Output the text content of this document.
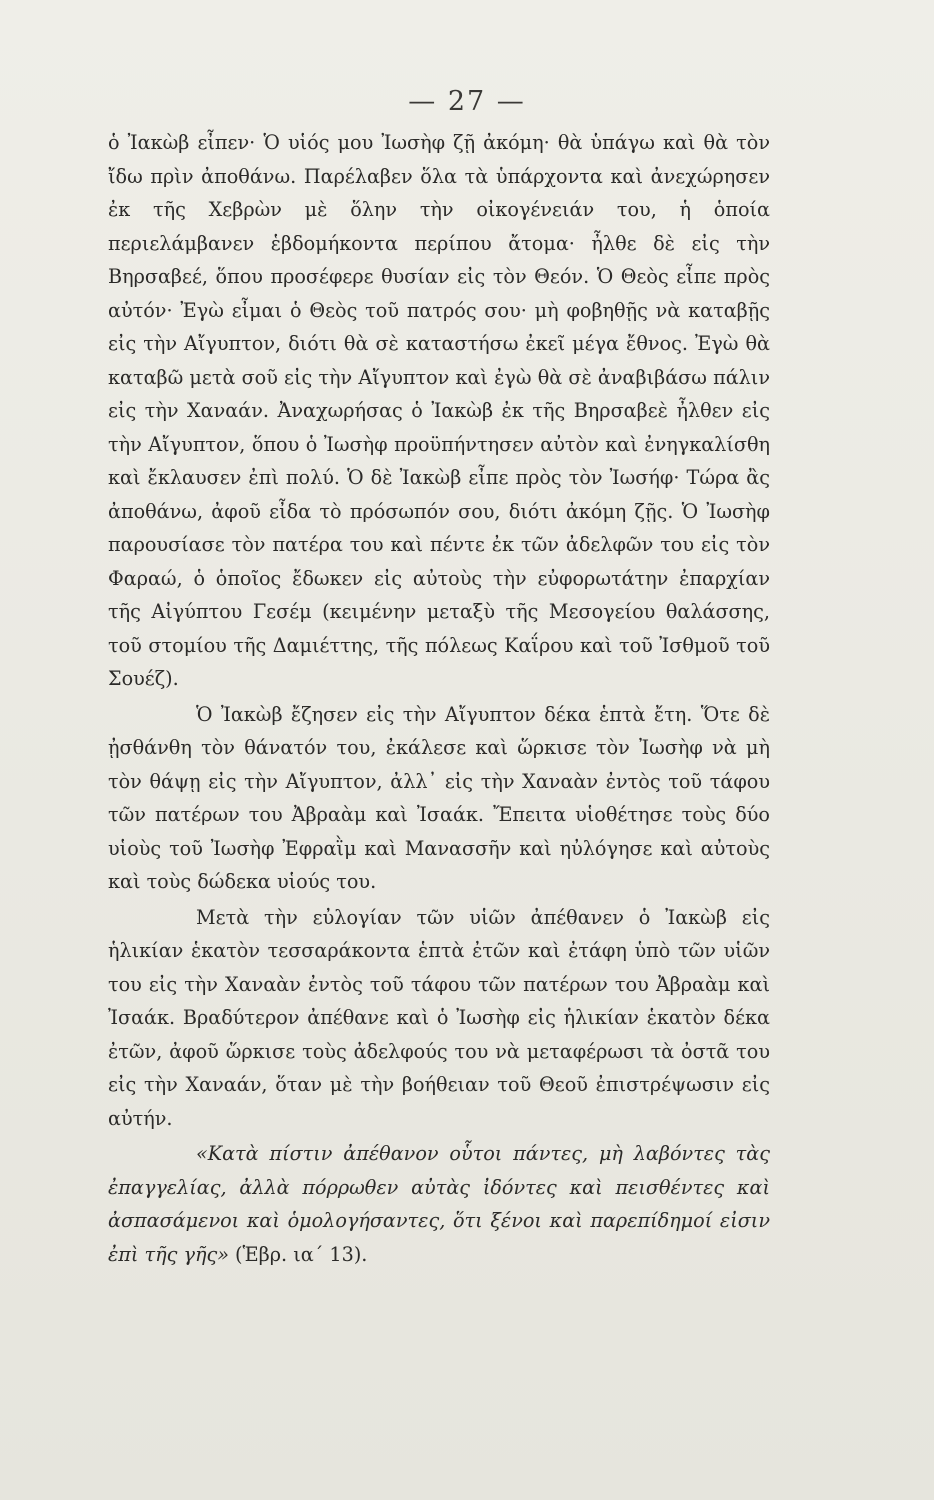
— 27 —

ὁ Ἰακὼβ εἶπεν· Ὁ υἱός μου Ἰωσὴφ ζῇ ἀκόμη· θὰ ὑπάγω καὶ θὰ τὸν ἴδω πρὶν ἀποθάνω. Παρέλαβεν ὅλα τὰ ὑπάρχοντα καὶ ἀνεχώρησεν ἐκ τῆς Χεβρὼν μὲ ὅλην τὴν οἰκογένειάν του, ἡ ὁποία περιελάμβανεν ἑβδομήκοντα περίπου ἄτομα· ἦλθε δὲ εἰς τὴν Βηρσαβεέ, ὅπου προσέφερε θυσίαν εἰς τὸν Θεόν. Ὁ Θεὸς εἶπε πρὸς αὐτόν· Ἐγὼ εἶμαι ὁ Θεὸς τοῦ πατρός σου· μὴ φοβηθῇς νὰ καταβῇς εἰς τὴν Αἴγυπτον, διότι θὰ σὲ καταστήσω ἐκεῖ μέγα ἔθνος. Ἐγὼ θὰ καταβῶ μετὰ σοῦ εἰς τὴν Αἴγυπτον καὶ ἐγὼ θὰ σὲ ἀναβιβάσω πάλιν εἰς τὴν Χαναάν. Ἀναχωρήσας ὁ Ἰακὼβ ἐκ τῆς Βηρσαβεὲ ἦλθεν εἰς τὴν Αἴγυπτον, ὅπου ὁ Ἰωσὴφ προϋπήντησεν αὐτὸν καὶ ἐνηγκαλίσθη καὶ ἔκλαυσεν ἐπὶ πολύ. Ὁ δὲ Ἰακὼβ εἶπε πρὸς τὸν Ἰωσήφ· Τώρα ἂς ἀποθάνω, ἀφοῦ εἶδα τὸ πρόσωπόν σου, διότι ἀκόμη ζῇς. Ὁ Ἰωσὴφ παρουσίασε τὸν πατέρα του καὶ πέντε ἐκ τῶν ἀδελφῶν του εἰς τὸν Φαραώ, ὁ ὁποῖος ἔδωκεν εἰς αὐτοὺς τὴν εὐφορωτάτην ἐπαρχίαν τῆς Αἰγύπτου Γεσέμ (κειμένην μεταξὺ τῆς Μεσογείου θαλάσσης, τοῦ στομίου τῆς Δαμιέττης, τῆς πόλεως Καΐρου καὶ τοῦ Ἰσθμοῦ τοῦ Σουέζ).

Ὁ Ἰακὼβ ἔζησεν εἰς τὴν Αἴγυπτον δέκα ἑπτὰ ἔτη. Ὅτε δὲ ᾐσθάνθη τὸν θάνατόν του, ἐκάλεσε καὶ ὥρκισε τὸν Ἰωσὴφ νὰ μὴ τὸν θάψῃ εἰς τὴν Αἴγυπτον, ἀλλ᾽ εἰς τὴν Χαναὰν ἐντὸς τοῦ τάφου τῶν πατέρων του Ἀβραὰμ καὶ Ἰσαάκ. Ἔπειτα υἱοθέτησε τοὺς δύο υἱοὺς τοῦ Ἰωσὴφ Ἐφραῒμ καὶ Μανασσῆν καὶ ηὐλόγησε καὶ αὐτοὺς καὶ τοὺς δώδεκα υἱούς του.

Μετὰ τὴν εὐλογίαν τῶν υἱῶν ἀπέθανεν ὁ Ἰακὼβ εἰς ἡλικίαν ἑκατὸν τεσσαράκοντα ἑπτὰ ἐτῶν καὶ ἐτάφη ὑπὸ τῶν υἱῶν του εἰς τὴν Χαναὰν ἐντὸς τοῦ τάφου τῶν πατέρων του Ἀβραὰμ καὶ Ἰσαάκ. Βραδύτερον ἀπέθανε καὶ ὁ Ἰωσὴφ εἰς ἡλικίαν ἑκατὸν δέκα ἐτῶν, ἀφοῦ ὥρκισε τοὺς ἀδελφούς του νὰ μεταφέρωσι τὰ ὀστᾶ του εἰς τὴν Χαναάν, ὅταν μὲ τὴν βοήθειαν τοῦ Θεοῦ ἐπιστρέψωσιν εἰς αὐτήν.

«Κατὰ πίστιν ἀπέθανον οὗτοι πάντες, μὴ λαβόντες τὰς ἐπαγγελίας, ἀλλὰ πόρρωθεν αὐτὰς ἰδόντες καὶ πεισθέντες καὶ ἀσπασάμενοι καὶ ὁμολογήσαντες, ὅτι ξένοι καὶ παρεπίδημοί εἰσιν ἐπὶ τῆς γῆς» (Ἑβρ. ια´ 13).
